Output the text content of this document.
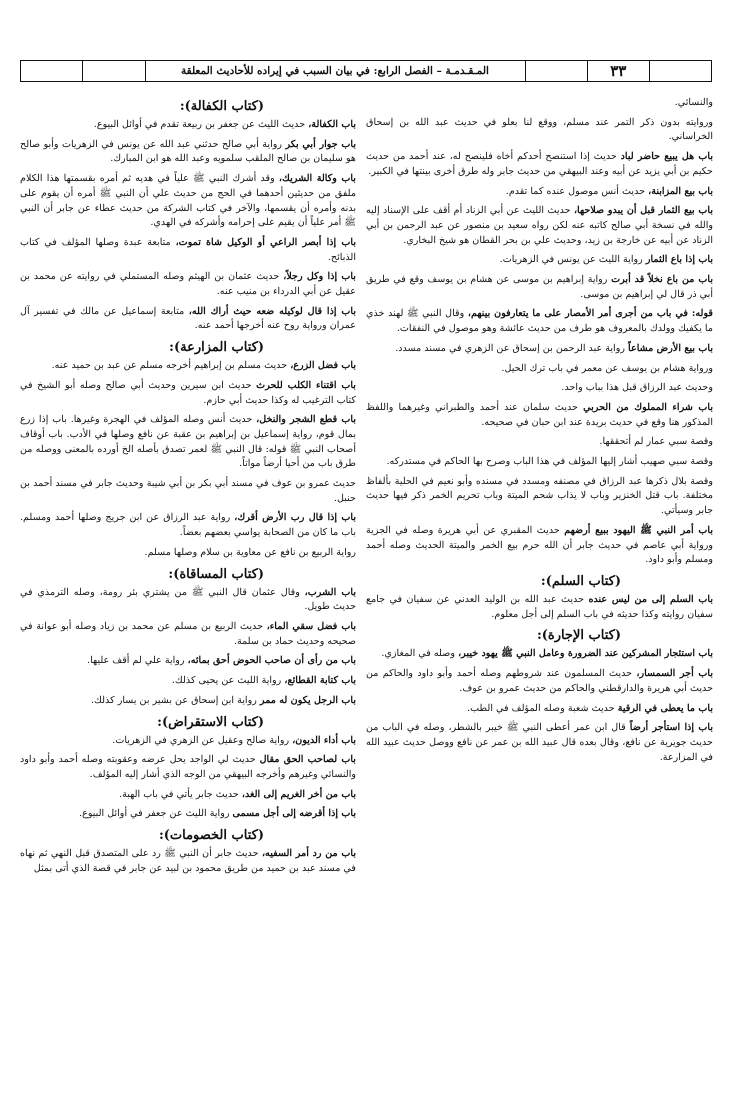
٣٣
المـقـدمـة – الفصل الرابع: في بيان السبب في إيراده للأحاديث المعلقة

والنسائي.

وروايته بدون ذكر التمر عند مسلم، ووقع لنا بعلو في حديث عبد الله بن إسحاق الخراساني.

باب هل يبيع حاضر لباد حديث إذا استنصح أحدكم أخاه فلينصح له، عند أحمد من حديث حكيم بن أبي يزيد عن أبيه وعند البيهقي من حديث جابر وله طرق أخرى بينتها في الكبير.

باب بيع المزابنة، حديث أنس موصول عنده كما تقدم.

باب بيع الثمار قبل أن يبدو صلاحها، حديث الليث عن أبي الزناد أم أقف على الإسناد إليه والله في نسخة أبي صالح كاتبه عنه لكن رواه سعيد بن منصور عن عبد الرحمن بن أبي الزناد عن أبيه عن خارجة بن زيد، وحديث علي بن بحر القطان هو شيخ البخاري.

باب إذا باع الثمار رواية الليث عن يونس في الزهريات.

باب من باع نخلاً قد أبرت رواية إبراهيم بن موسى عن هشام بن يوسف وقع في طريق أبي ذر قال لي إبراهيم بن موسى.

قوله: في باب من أجرى أمر الأمصار على ما يتعارفون بينهم، وقال النبي ﷺ لهند خذي ما يكفيك وولدك بالمعروف هو طرف من حديث عائشة وهو موصول في النفقات.

باب بيع الأرض مشاعاً رواية عبد الرحمن بن إسحاق عن الزهري في مسند مسدد.

ورواية هشام بن يوسف عن معمر في باب ترك الحيل.

وحديث عبد الرزاق قبل هذا بباب واحد.

باب شراء المملوك من الحربي حديث سلمان عند أحمد والطبراني وغيرهما واللفظ المذكور هنا وقع في حديث بريدة عند ابن حبان في صحيحه.

وقصة سبي عمار لم أتحققها.

وقصة سبي صهيب أشار إليها المؤلف في هذا الباب وصرح بها الحاكم في مستدركه.

وقصة بلال ذكرها عبد الرزاق في مصنفه ومسدد في مسنده وأبو نعيم في الحلية بألفاظ مختلفة. باب قتل الخنزير وباب لا يذاب شحم الميتة وباب تحريم الخمر ذكر فيها حديث جابر وسيأتي.

باب أمر النبي ﷺ اليهود ببيع أرضهم حديث المقبري عن أبي هريرة وصله في الجزية ورواية أبي عاصم في حديث جابر أن الله حرم بيع الخمر والميتة الحديث وصله أحمد ومسلم وأبو داود.

(كتاب السلم):

باب السلم إلى من ليس عنده حديث عبد الله بن الوليد العدني عن سفيان في جامع سفيان روايته وكذا حديثه في باب السلم إلى أجل معلوم.

(كتاب الإجارة):

باب استئجار المشركين عند الضرورة وعامل النبي ﷺ يهود خيبر، وصله في المغازي.

باب أجر السمسار، حديث المسلمون عند شروطهم وصله أحمد وأبو داود والحاكم من حديث أبي هريرة والدارقطني والحاكم من حديث عمرو بن عوف.

باب ما يعطى في الرقية حديث شعبة وصله المؤلف في الطب.

باب إذا استأجر أرضاً قال ابن عمر أعطى النبي ﷺ خيبر بالشطر، وصله في الباب من حديث جويرية عن نافع، وقال بعده قال عبيد الله بن عمر عن نافع ووصل حديث عبيد الله في المزارعة.

(كتاب الكفالة):

باب الكفالة، حديث الليث عن جعفر بن ربيعة تقدم في أوائل البيوع.

باب جوار أبي بكر رواية أبي صالح حدثني عبد الله عن يونس في الزهريات وأبو صالح هو سليمان بن صالح الملقب سلمويه وعبد الله هو ابن المبارك.

باب وكالة الشريك، وقد أشرك النبي ﷺ علياً في هديه ثم أمره بقسمتها هذا الكلام ملفق من حديثين أحدهما في الحج من حديث علي أن النبي ﷺ أمره أن يقوم على بدنه وأمره أن يقسمها، والآخر في كتاب الشركة من حديث عطاء عن جابر أن النبي ﷺ أمر علياً أن يقيم على إحرامه وأشركه في الهدي.

باب إذا أبصر الراعي أو الوكيل شاة تموت، متابعة عبدة وصلها المؤلف في كتاب الذبائح.

باب إذا وكل رجلاً، حديث عثمان بن الهيثم وصله المستملي في روايته عن محمد بن عقيل عن أبي الدرداء بن منيب عنه.

باب إذا قال لوكيله ضعه حيث أراك الله، متابعة إسماعيل عن مالك في تفسير آل عمران ورواية روح عنه أخرجها أحمد عنه.

(كتاب المزارعة):

باب فضل الزرع، حديث مسلم بن إبراهيم أخرجه مسلم عن عبد بن حميد عنه.

باب اقتناء الكلب للحرث حديث ابن سيرين وحديث أبي صالح وصله أبو الشيخ في كتاب الترغيب له وكذا حديث أبي حازم.

باب قطع الشجر والنخل، حديث أنس وصله المؤلف في الهجرة وغيرها. باب إذا زرع بمال قوم، رواية إسماعيل بن إبراهيم بن عقبة عن نافع وصلها في الأدب. باب أوقاف أصحاب النبي ﷺ قوله: قال النبي ﷺ لعمر تصدق بأصله الخ أورده بالمعنى ووصله من طرق باب من أحيا أرضاً مواتاً.

حديث عمرو بن عوف في مسند أبي بكر بن أبي شيبة وحديث جابر في مسند أحمد بن حنبل.

باب إذا قال رب الأرض أقرك، رواية عبد الرزاق عن ابن جريج وصلها أحمد ومسلم. باب ما كان من الصحابة يواسي بعضهم بعضاً.

رواية الربيع بن نافع عن معاوية بن سلام وصلها مسلم.

(كتاب المساقاة):

باب الشرب، وقال عثمان قال النبي ﷺ من يشتري بئر رومة، وصله الترمذي في حديث طويل.

باب فضل سقي الماء، حديث الربيع بن مسلم عن محمد بن زياد وصله أبو عوانة في صحيحه وحديث حماد بن سلمة.

باب من رأى أن صاحب الحوض أحق بمائه، رواية علي لم أقف عليها.

باب كتابة القطائع، رواية الليث عن يحيى كذلك.

باب الرجل يكون له ممر رواية ابن إسحاق عن بشير بن يسار كذلك.

(كتاب الاستقراض):

باب أداء الديون، رواية صالح وعقيل عن الزهري في الزهريات.

باب لصاحب الحق مقال حديث لي الواجد يحل عرضه وعقوبته وصله أحمد وأبو داود والنسائي وغيرهم وأخرجه البيهقي من الوجه الذي أشار إليه المؤلف.

باب من أخر الغريم إلى الغد، حديث جابر يأتي في باب الهبة.

باب إذا أقرضه إلى أجل مسمى رواية الليث عن جعفر في أوائل البيوع.

(كتاب الخصومات):

باب من رد أمر السفيه، حديث جابر أن النبي ﷺ رد على المتصدق قبل النهي ثم نهاه في مسند عبد بن حميد من طريق محمود بن لبيد عن جابر في قصة الذي أتى بمثل
